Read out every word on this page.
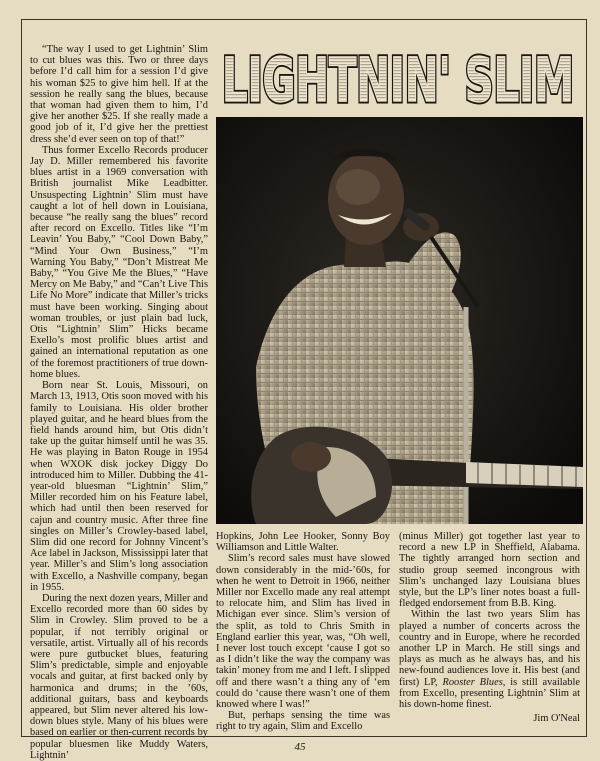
LIGHTNIN' SLIM
LIGHTNIN' SLIM

“The way I used to get Lightnin’ Slim to cut blues was this. Two or three days before I’d call him for a session I’d give his woman $25 to give him hell. If at the session he really sang the blues, because that woman had given them to him, I’d give her another $25. If she really made a good job of it, I’d give her the prettiest dress she’d ever seen on top of that!”

Thus former Excello Records producer Jay D. Miller remembered his favorite blues artist in a 1969 conversation with British journalist Mike Leadbitter. Unsuspecting Lightnin’ Slim must have caught a lot of hell down in Louisiana, because “he really sang the blues” record after record on Excello. Titles like “I’m Leavin’ You Baby,” “Cool Down Baby,” “Mind Your Own Business,” “I’m Warning You Baby,” “Don’t Mistreat Me Baby,” “You Give Me the Blues,” “Have Mercy on Me Baby,” and “Can’t Live This Life No More” indicate that Miller’s tricks must have been working. Singing about woman troubles, or just plain bad luck, Otis “Lightnin’ Slim” Hicks became Exello’s most prolific blues artist and gained an international reputation as one of the foremost practitioners of true down-home blues.

Born near St. Louis, Missouri, on March 13, 1913, Otis soon moved with his family to Louisiana. His older brother played guitar, and he heard blues from the field hands around him, but Otis didn’t take up the guitar himself until he was 35. He was playing in Baton Rouge in 1954 when WXOK disk jockey Diggy Do introduced him to Miller. Dubbing the 41-year-old bluesman “Lightnin’ Slim,” Miller recorded him on his Feature label, which had until then been reserved for cajun and country music. After three fine singles on Miller’s Crowley-based label, Slim did one record for Johnny Vincent’s Ace label in Jackson, Mississippi later that year. Miller’s and Slim’s long association with Excello, a Nashville company, began in 1955.

During the next dozen years, Miller and Excello recorded more than 60 sides by Slim in Crowley. Slim proved to be a popular, if not terribly original or versatile, artist. Virtually all of his records were pure gutbucket blues, featuring Slim’s predictable, simple and enjoyable vocals and guitar, at first backed only by harmonica and drums; in the ’60s, additional guitars, bass and keyboards appeared, but Slim never altered his low-down blues style. Many of his blues were based on earlier or then-current records by popular bluesmen like Muddy Waters, Lightnin’

Hopkins, John Lee Hooker, Sonny Boy Williamson and Little Walter.

Slim’s record sales must have slowed down considerably in the mid-’60s, for when he went to Detroit in 1966, neither Miller nor Excello made any real attempt to relocate him, and Slim has lived in Michigan ever since. Slim’s version of the split, as told to Chris Smith in England earlier this year, was, “Oh well, I never lost touch except ‘cause I got so as I didn’t like the way the company was takin’ money from me and I left. I slipped off and there wasn’t a thing any of ‘em could do ‘cause there wasn’t one of them knowed where I was!”

But, perhaps sensing the time was right to try again, Slim and Excello

(minus Miller) got together last year to record a new LP in Sheffield, Alabama. The tightly arranged horn section and studio group seemed incongrous with Slim’s unchanged lazy Louisiana blues style, but the LP’s liner notes boast a full-fledged endorsement from B.B. King.

Within the last two years Slim has played a number of concerts across the country and in Europe, where he recorded another LP in March. He still sings and plays as much as he always has, and his new-found audiences love it. His best (and first) LP, Rooster Blues, is still available from Excello, presenting Lightnin’ Slim at his down-home finest.

Jim O'Neal
45
